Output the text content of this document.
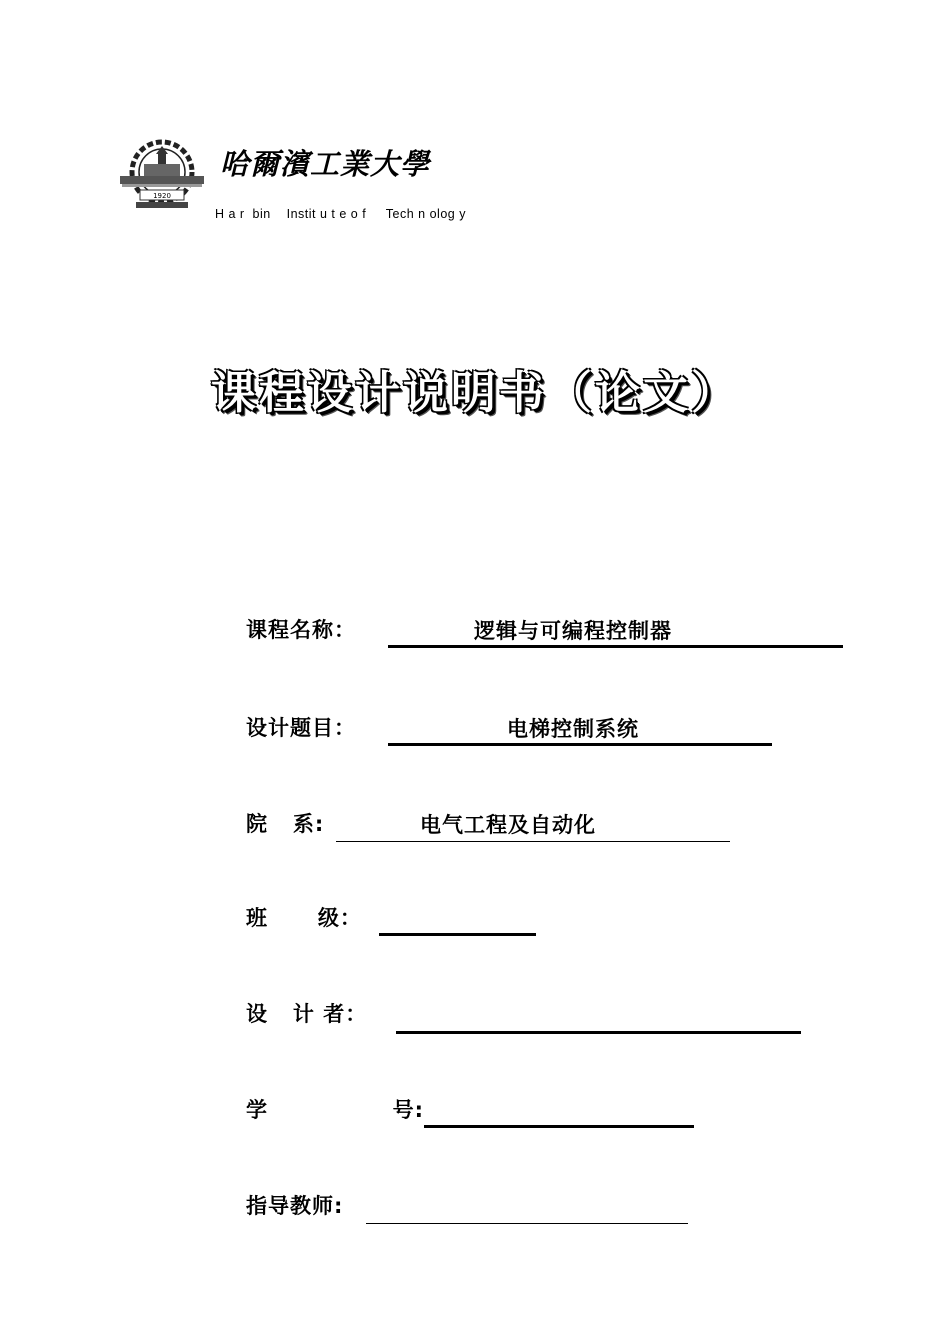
1920
哈爾濱工業大學
H a r  bin    Instit u t e o f     Tech n olog y
课程设计说明书（论文）
课程名称：	逻辑与可编程控制器
设计题目：	电梯控制系统
院   系:	电气工程及自动化
班      级：
设   计 者：
学               号:
指导教师:
